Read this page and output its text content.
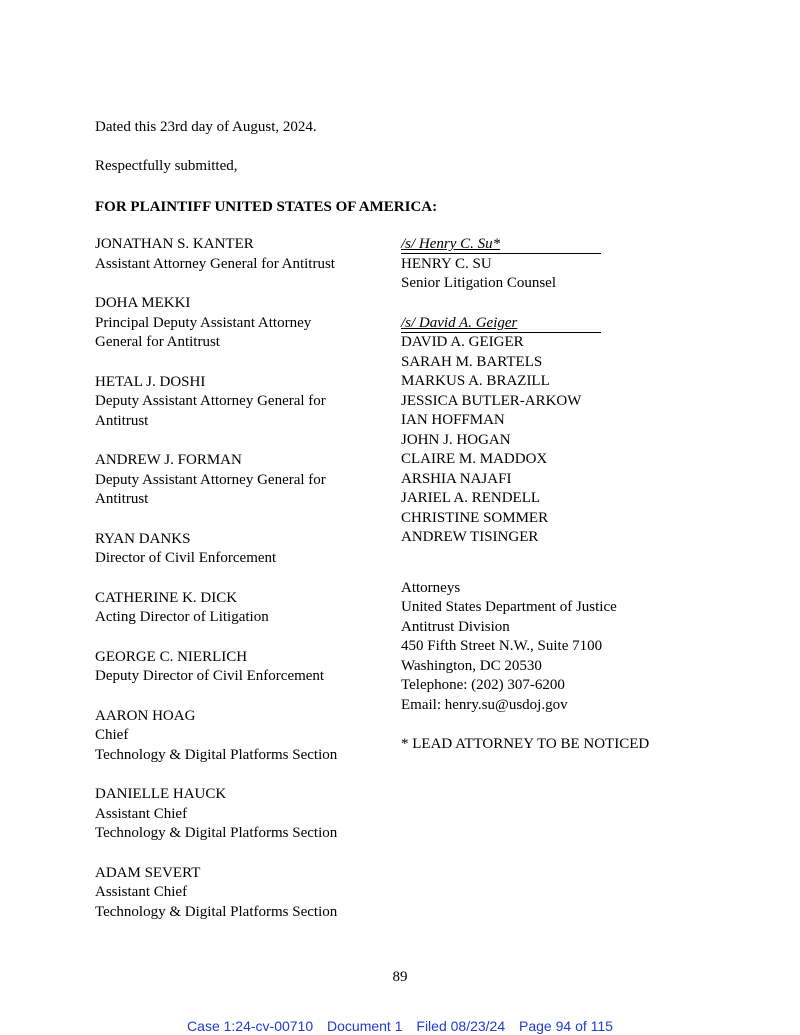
Dated this 23rd day of August, 2024.
Respectfully submitted,
FOR PLAINTIFF UNITED STATES OF AMERICA:
JONATHAN S. KANTER
Assistant Attorney General for Antitrust
DOHA MEKKI
Principal Deputy Assistant Attorney
General for Antitrust
HETAL J. DOSHI
Deputy Assistant Attorney General for
Antitrust
ANDREW J. FORMAN
Deputy Assistant Attorney General for
Antitrust
RYAN DANKS
Director of Civil Enforcement
CATHERINE K. DICK
Acting Director of Litigation
GEORGE C. NIERLICH
Deputy Director of Civil Enforcement
AARON HOAG
Chief
Technology & Digital Platforms Section
DANIELLE HAUCK
Assistant Chief
Technology & Digital Platforms Section
ADAM SEVERT
Assistant Chief
Technology & Digital Platforms Section
/s/ Henry C. Su*
HENRY C. SU
Senior Litigation Counsel
/s/ David A. Geiger
DAVID A. GEIGER
SARAH M. BARTELS
MARKUS A. BRAZILL
JESSICA BUTLER-ARKOW
IAN HOFFMAN
JOHN J. HOGAN
CLAIRE M. MADDOX
ARSHIA NAJAFI
JARIEL A. RENDELL
CHRISTINE SOMMER
ANDREW TISINGER
Attorneys
United States Department of Justice
Antitrust Division
450 Fifth Street N.W., Suite 7100
Washington, DC 20530
Telephone: (202) 307-6200
Email: henry.su@usdoj.gov
* LEAD ATTORNEY TO BE NOTICED
89
Case 1:24-cv-00710 Document 1 Filed 08/23/24 Page 94 of 115
